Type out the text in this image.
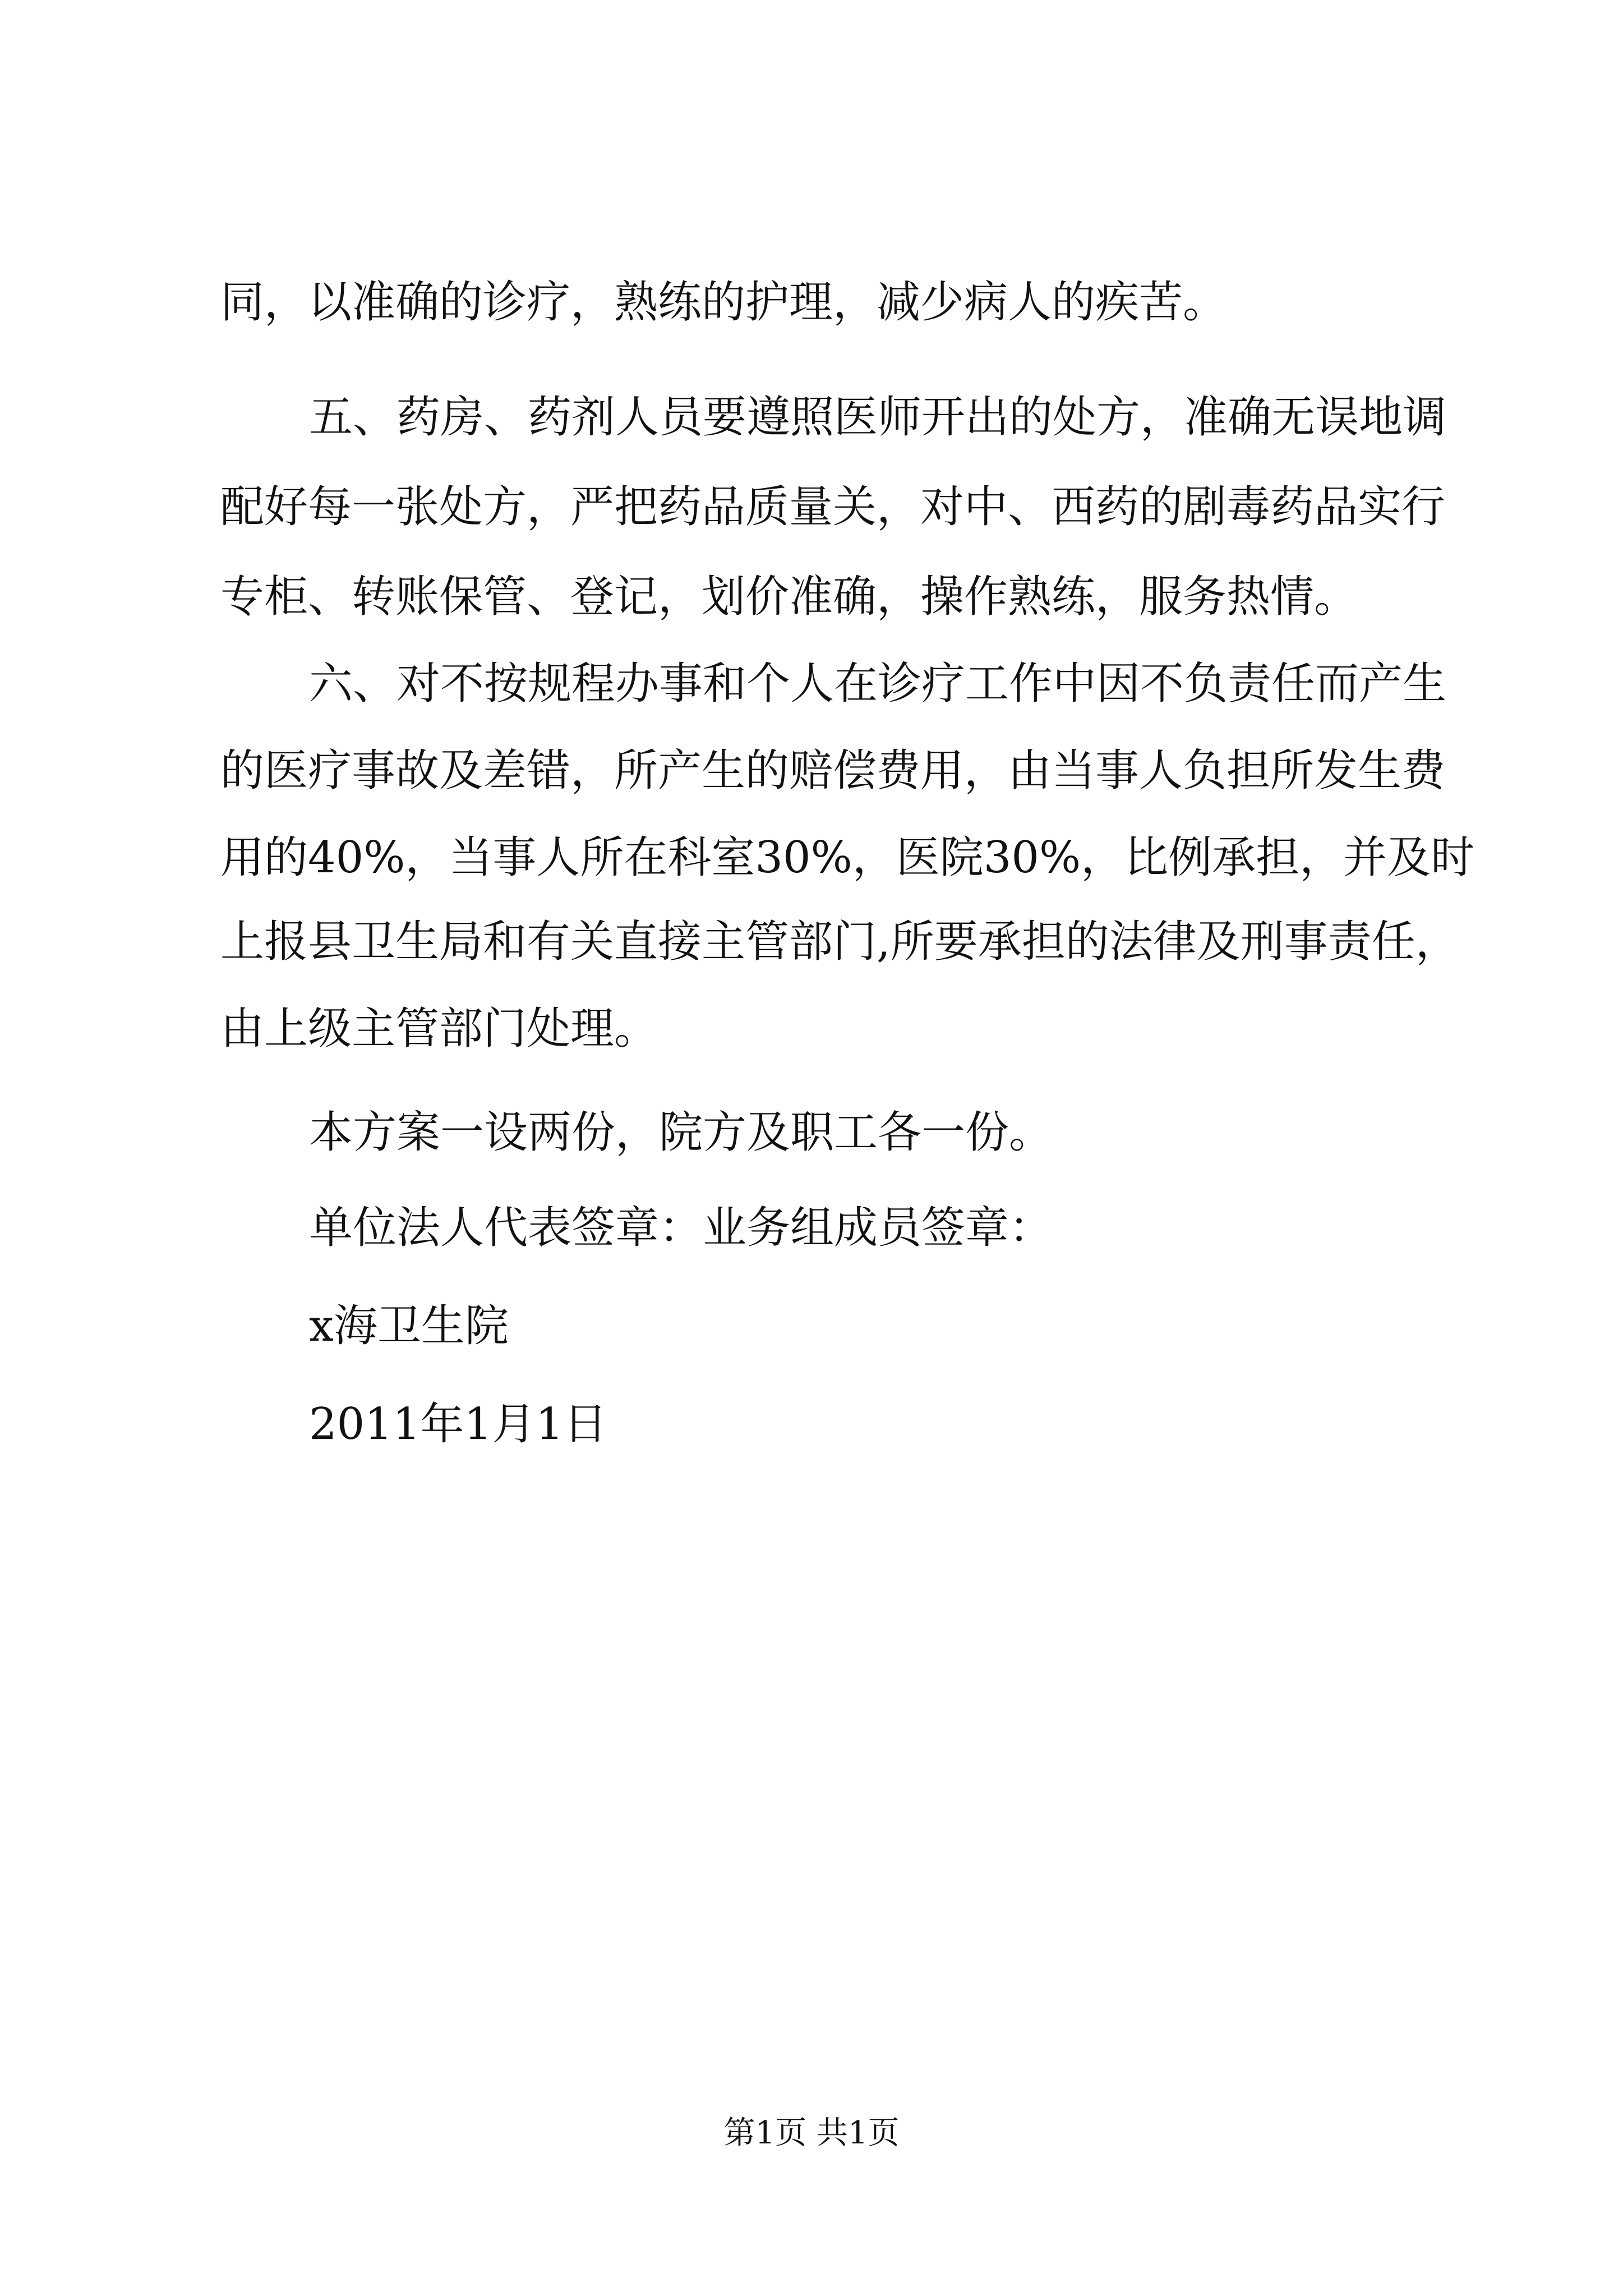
同，以准确的诊疗，熟练的护理，减少病人的疾苦。

五、药房、药剂人员要遵照医师开出的处方，准确无误地调

配好每一张处方，严把药品质量关，对中、西药的剧毒药品实行

专柜、转账保管、登记，划价准确，操作熟练，服务热情。

六、对不按规程办事和个人在诊疗工作中因不负责任而产生

的医疗事故及差错，所产生的赔偿费用，由当事人负担所发生费

用的40%，当事人所在科室30%，医院30%，比例承担，并及时

上报县卫生局和有关直接主管部门,所要承担的法律及刑事责任，

由上级主管部门处理。

本方案一设两份，院方及职工各一份。

单位法人代表签章：业务组成员签章：

x海卫生院

2011年1月1日

第1页 共1页
